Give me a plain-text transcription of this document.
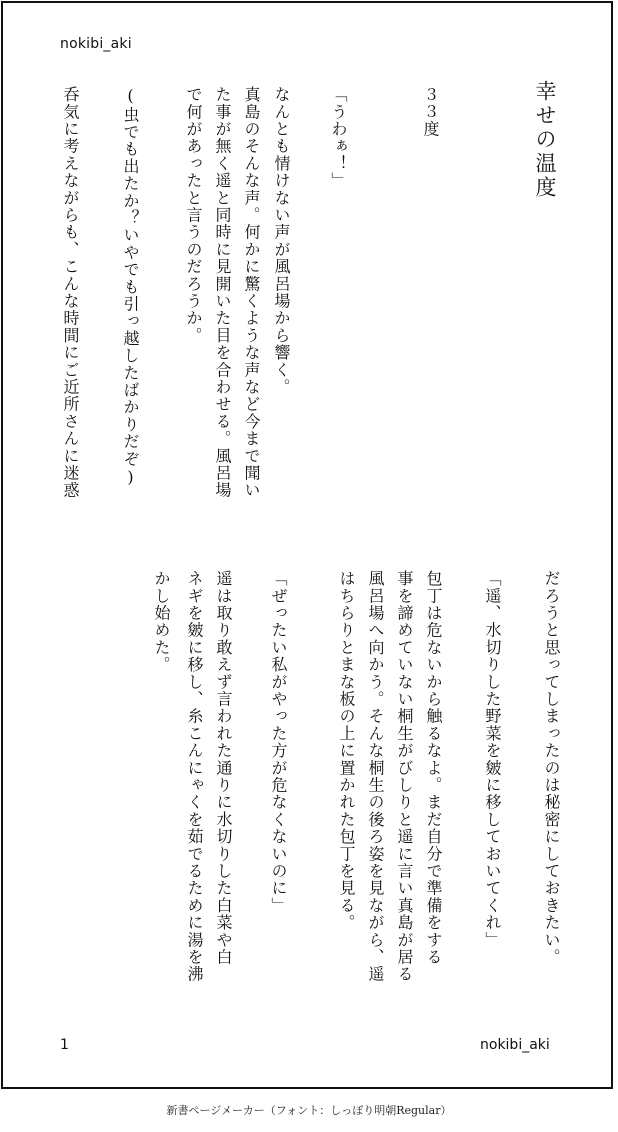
nokibi_aki
幸せの温度
３３度
「うわぁ！」
なんとも情けない声が風呂場から響く。
真島のそんな声。何かに驚くような声など今まで聞い
た事が無く遥と同時に見開いた目を合わせる。風呂場
で何があったと言うのだろうか。
(虫でも出たか？いやでも引っ越したばかりだぞ)
呑気に考えながらも、こんな時間にご近所さんに迷惑
だろうと思ってしまったのは秘密にしておきたい。
「遥、水切りした野菜を皴に移しておいてくれ」
包丁は危ないから触るなよ。まだ自分で準備をする
事を諦めていない桐生がびしりと遥に言い真島が居る
風呂場へ向かう。そんな桐生の後ろ姿を見ながら、遥
はちらりとまな板の上に置かれた包丁を見る。
「ぜったい私がやった方が危なくないのに」
遥は取り敢えず言われた通りに水切りした白菜や白
ネギを皴に移し、糸こんにゃくを茹でるために湯を沸
かし始めた。
1	nokibi_aki
新書ページメーカー（フォント：しっぽり明朝Regular）
